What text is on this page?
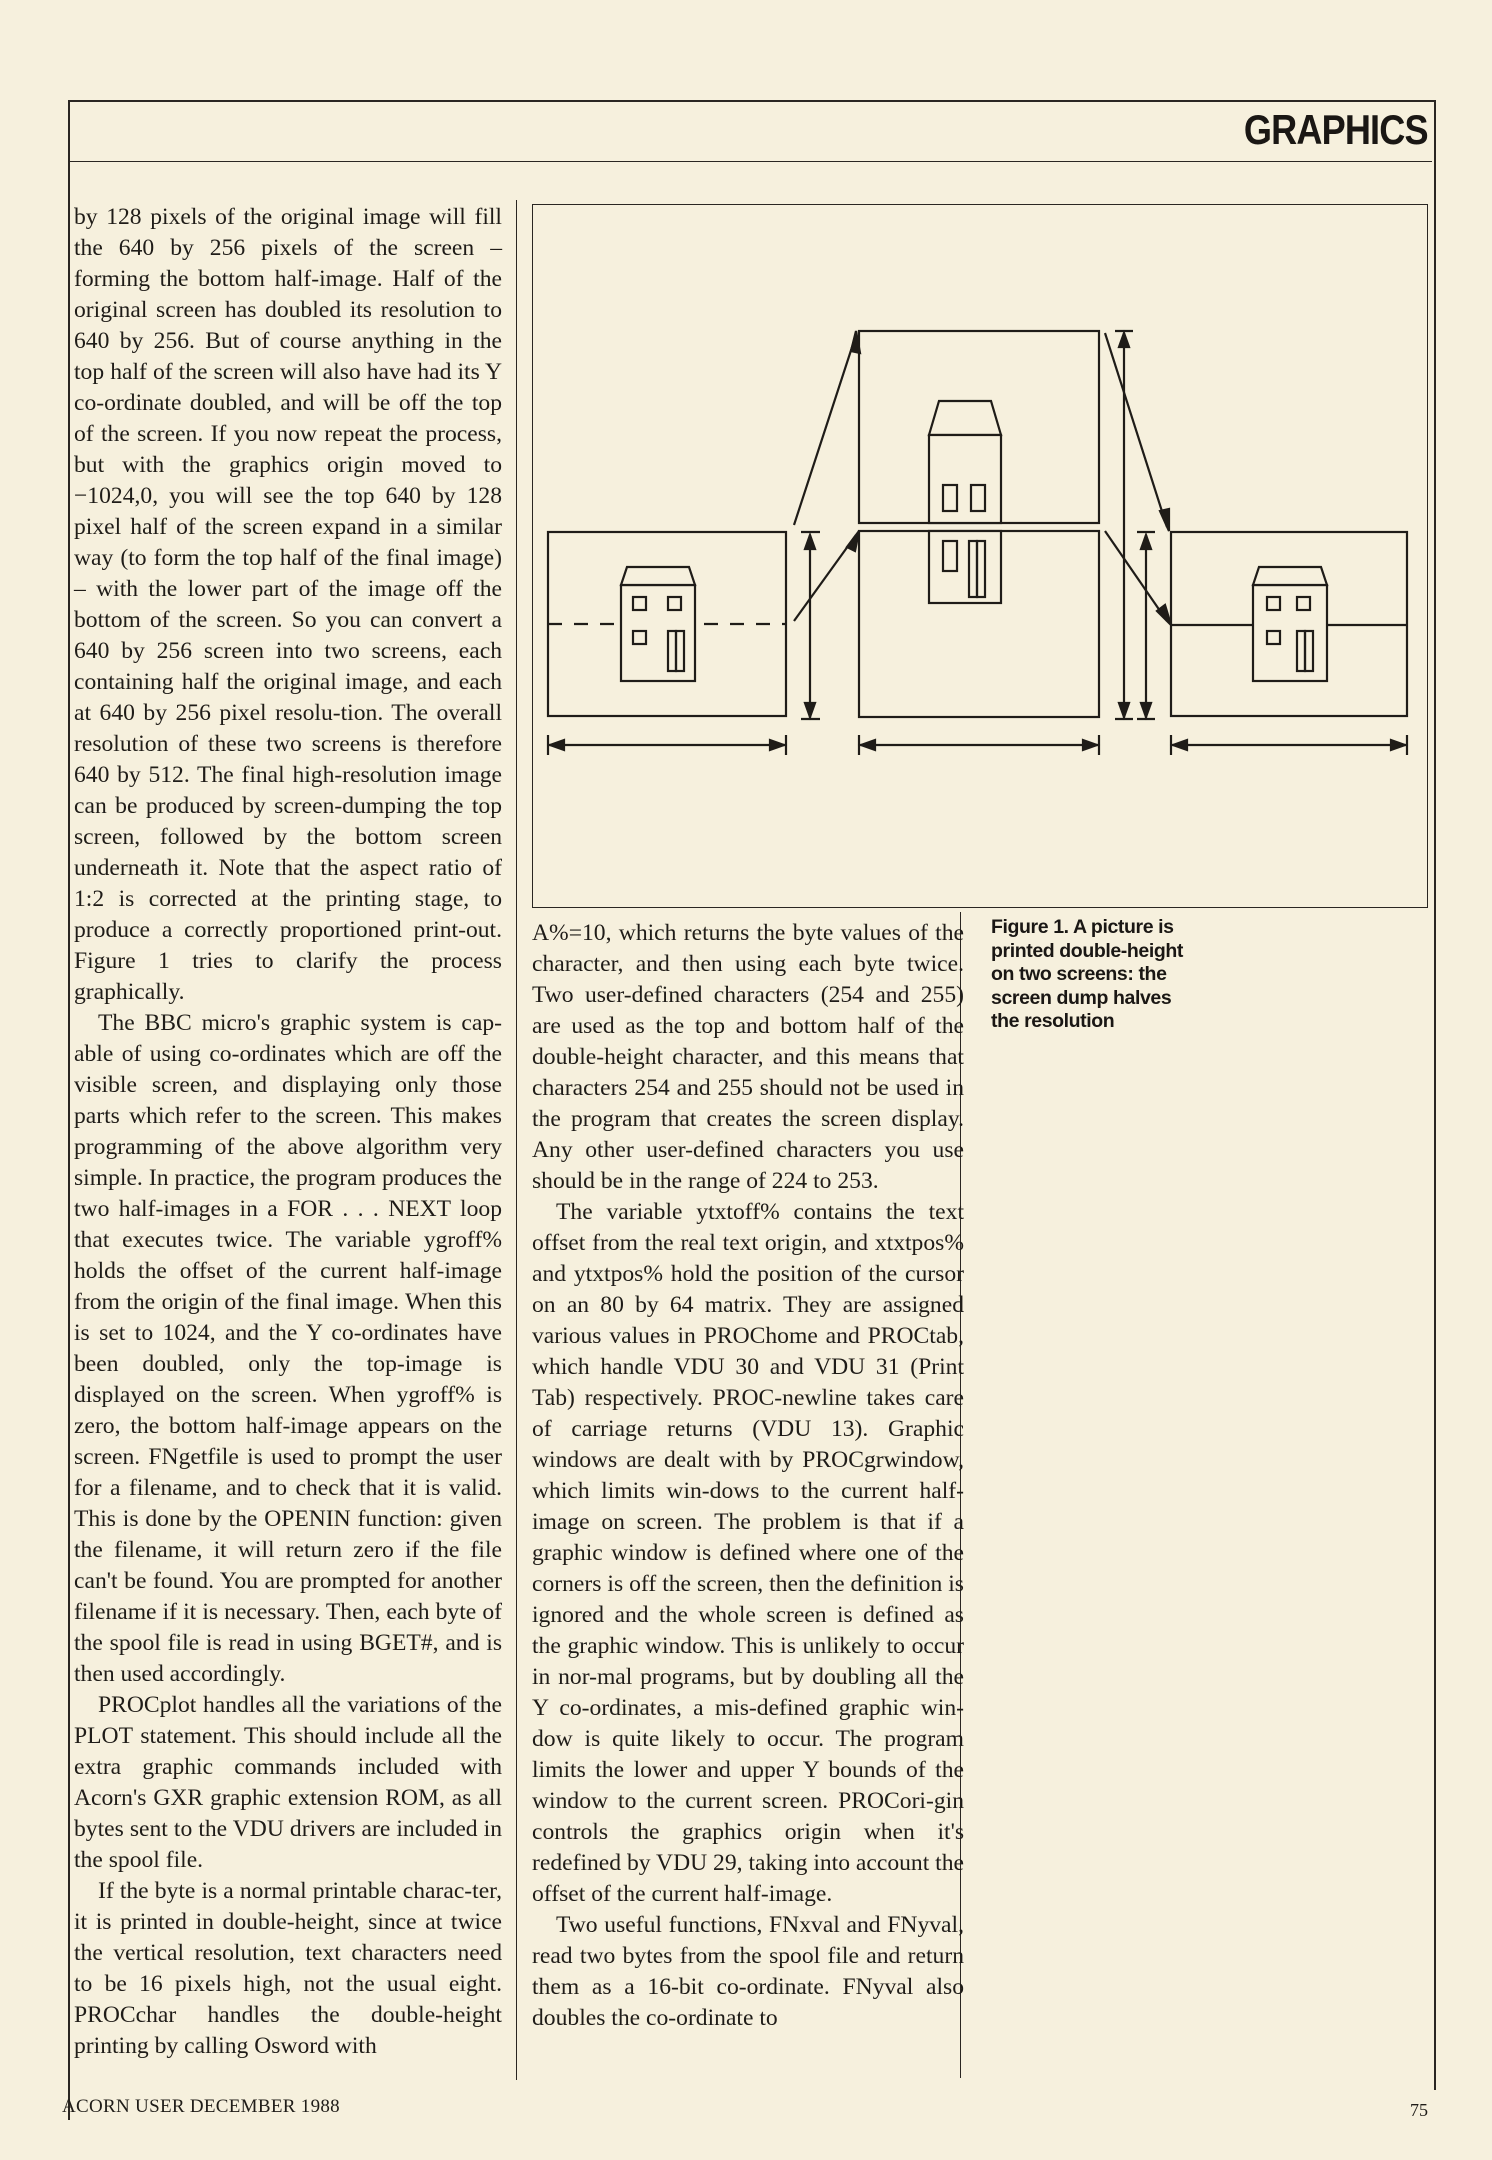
GRAPHICS

by 128 pixels of the original image will fill the 640 by 256 pixels of the screen – forming the bottom half-image. Half of the original screen has doubled its resolution to 640 by 256. But of course anything in the top half of the screen will also have had its Y co-ordinate doubled, and will be off the top of the screen. If you now repeat the process, but with the graphics origin moved to −1024,0, you will see the top 640 by 128 pixel half of the screen expand in a similar way (to form the top half of the final image) – with the lower part of the image off the bottom of the screen. So you can convert a 640 by 256 screen into two screens, each containing half the original image, and each at 640 by 256 pixel resolu-tion. The overall resolution of these two screens is therefore 640 by 512. The final high-resolution image can be produced by screen-dumping the top screen, followed by the bottom screen underneath it. Note that the aspect ratio of 1:2 is corrected at the printing stage, to produce a correctly proportioned print-out. Figure 1 tries to clarify the process graphically.

The BBC micro's graphic system is cap-able of using co-ordinates which are off the visible screen, and displaying only those parts which refer to the screen. This makes programming of the above algorithm very simple. In practice, the program produces the two half-images in a FOR . . . NEXT loop that executes twice. The variable ygroff% holds the offset of the current half-image from the origin of the final image. When this is set to 1024, and the Y co-ordinates have been doubled, only the top-image is displayed on the screen. When ygroff% is zero, the bottom half-image appears on the screen. FNgetfile is used to prompt the user for a filename, and to check that it is valid. This is done by the OPENIN function: given the filename, it will return zero if the file can't be found. You are prompted for another filename if it is necessary. Then, each byte of the spool file is read in using BGET#, and is then used accordingly.

PROCplot handles all the variations of the PLOT statement. This should include all the extra graphic commands included with Acorn's GXR graphic extension ROM, as all bytes sent to the VDU drivers are included in the spool file.

If the byte is a normal printable charac-ter, it is printed in double-height, since at twice the vertical resolution, text characters need to be 16 pixels high, not the usual eight. PROCchar handles the double-height printing by calling Osword with

Figure 1. A picture is printed double-height on two screens: the screen dump halves the resolution

A%=10, which returns the byte values of the character, and then using each byte twice. Two user-defined characters (254 and 255) are used as the top and bottom half of the double-height character, and this means that characters 254 and 255 should not be used in the program that creates the screen display. Any other user-defined characters you use should be in the range of 224 to 253.

The variable ytxtoff% contains the text offset from the real text origin, and xtxtpos% and ytxtpos% hold the position of the cursor on an 80 by 64 matrix. They are assigned various values in PROChome and PROCtab, which handle VDU 30 and VDU 31 (Print Tab) respectively. PROC-newline takes care of carriage returns (VDU 13). Graphic windows are dealt with by PROCgrwindow, which limits win-dows to the current half-image on screen. The problem is that if a graphic window is defined where one of the corners is off the screen, then the definition is ignored and the whole screen is defined as the graphic window. This is unlikely to occur in nor-mal programs, but by doubling all the Y co-ordinates, a mis-defined graphic win-dow is quite likely to occur. The program limits the lower and upper Y bounds of the window to the current screen. PROCori-gin controls the graphics origin when it's redefined by VDU 29, taking into account the offset of the current half-image.

Two useful functions, FNxval and FNyval, read two bytes from the spool file and return them as a 16-bit co-ordinate. FNyval also doubles the co-ordinate to

ACORN USER DECEMBER 1988	75
